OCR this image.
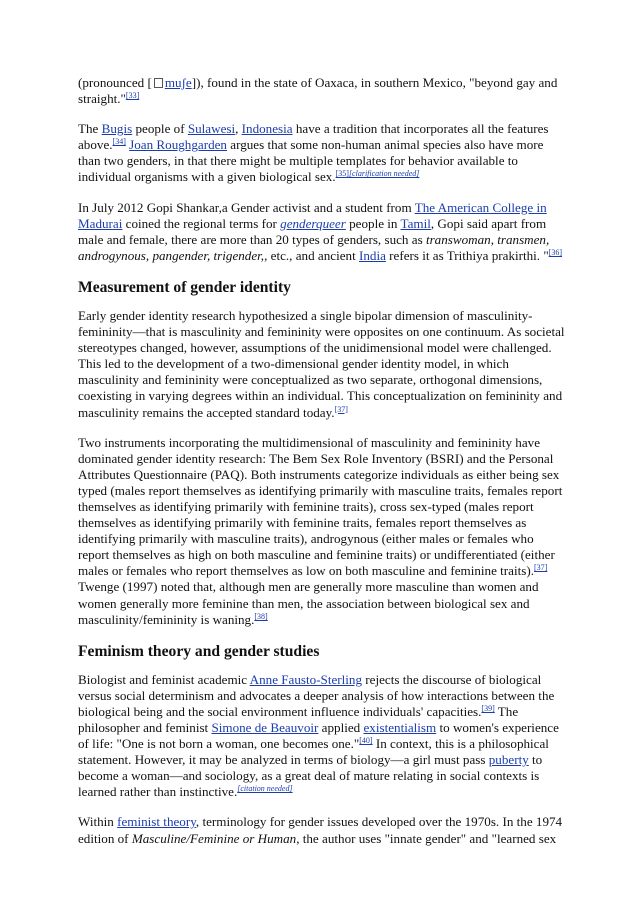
(pronounced [ muʃe]), found in the state of Oaxaca, in southern Mexico, "beyond gay and straight."[33]

The Bugis people of Sulawesi, Indonesia have a tradition that incorporates all the features above.[34] Joan Roughgarden argues that some non-human animal species also have more than two genders, in that there might be multiple templates for behavior available to individual organisms with a given biological sex.[35][clarification needed]

In July 2012 Gopi Shankar,a Gender activist and a student from The American College in Madurai coined the regional terms for genderqueer people in Tamil, Gopi said apart from male and female, there are more than 20 types of genders, such as transwoman, transmen, androgynous, pangender, trigender,, etc., and ancient India refers it as Trithiya prakirthi. "[36]

Measurement of gender identity

Early gender identity research hypothesized a single bipolar dimension of masculinity-femininity—that is masculinity and femininity were opposites on one continuum. As societal stereotypes changed, however, assumptions of the unidimensional model were challenged. This led to the development of a two-dimensional gender identity model, in which masculinity and femininity were conceptualized as two separate, orthogonal dimensions, coexisting in varying degrees within an individual. This conceptualization on femininity and masculinity remains the accepted standard today.[37]

Two instruments incorporating the multidimensional of masculinity and femininity have dominated gender identity research: The Bem Sex Role Inventory (BSRI) and the Personal Attributes Questionnaire (PAQ). Both instruments categorize individuals as either being sex typed (males report themselves as identifying primarily with masculine traits, females report themselves as identifying primarily with feminine traits), cross sex-typed (males report themselves as identifying primarily with feminine traits, females report themselves as identifying primarily with masculine traits), androgynous (either males or females who report themselves as high on both masculine and feminine traits) or undifferentiated (either males or females who report themselves as low on both masculine and feminine traits).[37] Twenge (1997) noted that, although men are generally more masculine than women and women generally more feminine than men, the association between biological sex and masculinity/femininity is waning.[38]

Feminism theory and gender studies

Biologist and feminist academic Anne Fausto-Sterling rejects the discourse of biological versus social determinism and advocates a deeper analysis of how interactions between the biological being and the social environment influence individuals' capacities.[39] The philosopher and feminist Simone de Beauvoir applied existentialism to women's experience of life: "One is not born a woman, one becomes one."[40] In context, this is a philosophical statement. However, it may be analyzed in terms of biology—a girl must pass puberty to become a woman—and sociology, as a great deal of mature relating in social contexts is learned rather than instinctive.[citation needed]

Within feminist theory, terminology for gender issues developed over the 1970s. In the 1974 edition of Masculine/Feminine or Human, the author uses "innate gender" and "learned sex
